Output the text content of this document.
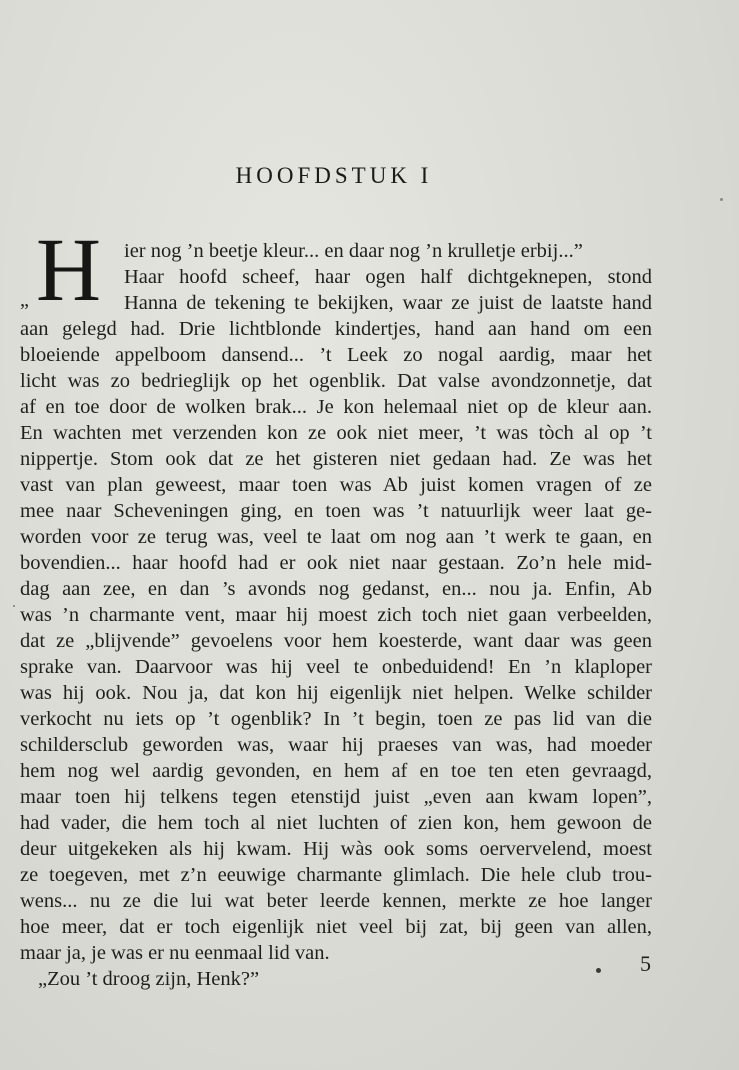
HOOFDSTUK I
H
„
ier nog ’n beetje kleur... en daar nog ’n krulletje erbij...”
Haar hoofd scheef, haar ogen half dichtgeknepen, stond
Hanna de tekening te bekijken, waar ze juist de laatste hand
aan gelegd had. Drie lichtblonde kindertjes, hand aan hand om een
bloeiende appelboom dansend... ’t Leek zo nogal aardig, maar het
licht was zo bedrieglijk op het ogenblik. Dat valse avondzonnetje, dat
af en toe door de wolken brak... Je kon helemaal niet op de kleur aan.
En wachten met verzenden kon ze ook niet meer, ’t was tòch al op ’t
nippertje. Stom ook dat ze het gisteren niet gedaan had. Ze was het
vast van plan geweest, maar toen was Ab juist komen vragen of ze
mee naar Scheveningen ging, en toen was ’t natuurlijk weer laat ge-
worden voor ze terug was, veel te laat om nog aan ’t werk te gaan, en
bovendien... haar hoofd had er ook niet naar gestaan. Zo’n hele mid-
dag aan zee, en dan ’s avonds nog gedanst, en... nou ja. Enfin, Ab
was ’n charmante vent, maar hij moest zich toch niet gaan verbeelden,
dat ze „blijvende” gevoelens voor hem koesterde, want daar was geen
sprake van. Daarvoor was hij veel te onbeduidend! En ’n klaploper
was hij ook. Nou ja, dat kon hij eigenlijk niet helpen. Welke schilder
verkocht nu iets op ’t ogenblik? In ’t begin, toen ze pas lid van die
schildersclub geworden was, waar hij praeses van was, had moeder
hem nog wel aardig gevonden, en hem af en toe ten eten gevraagd,
maar toen hij telkens tegen etenstijd juist „even aan kwam lopen”,
had vader, die hem toch al niet luchten of zien kon, hem gewoon de
deur uitgekeken als hij kwam. Hij wàs ook soms oervervelend, moest
ze toegeven, met z’n eeuwige charmante glimlach. Die hele club trou-
wens... nu ze die lui wat beter leerde kennen, merkte ze hoe langer
hoe meer, dat er toch eigenlijk niet veel bij zat, bij geen van allen,
maar ja, je was er nu eenmaal lid van.
„Zou ’t droog zijn, Henk?”
5
